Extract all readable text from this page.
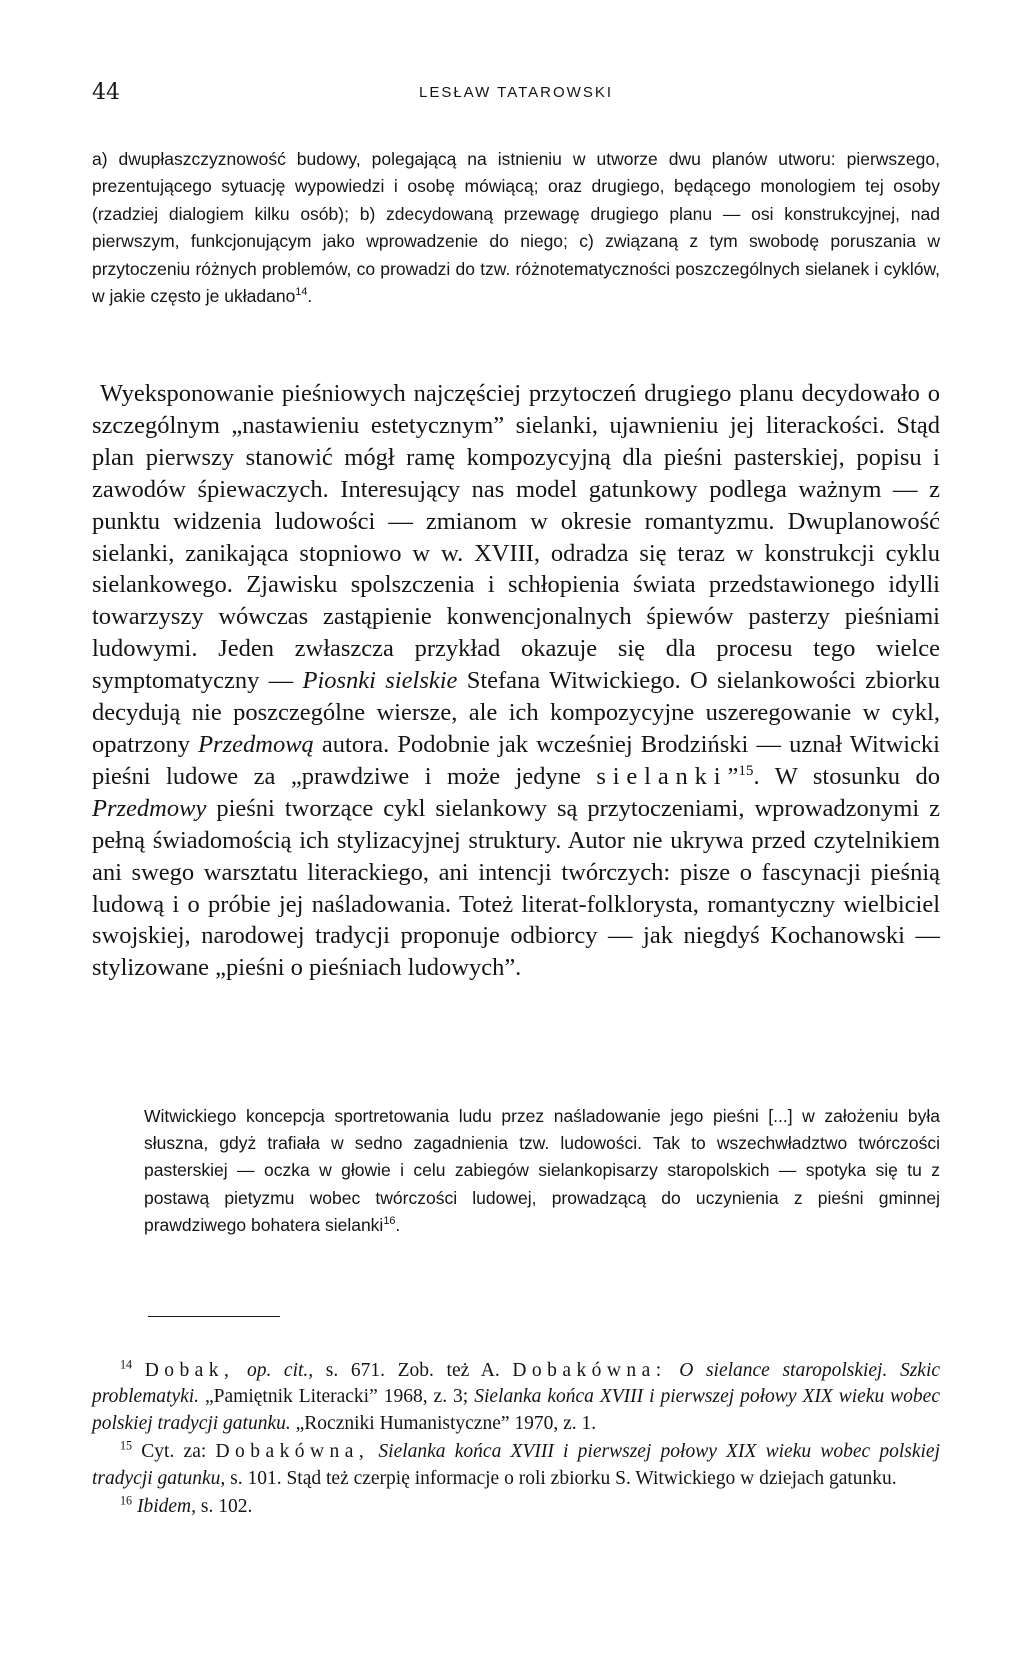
44	LESŁAW TATAROWSKI

a) dwupłaszczyznowość budowy, polegającą na istnieniu w utworze dwu planów utworu: pierwszego, prezentującego sytuację wypowiedzi i osobę mówiącą; oraz drugiego, będącego monologiem tej osoby (rzadziej dialogiem kilku osób); b) zdecydowaną przewagę drugiego planu — osi konstrukcyjnej, nad pierwszym, funkcjonującym jako wprowadzenie do niego; c) związaną z tym swobodę poruszania w przytoczeniu różnych problemów, co prowadzi do tzw. różnotematyczności poszczególnych sielanek i cyklów, w jakie często je układano$^{14}$.

Wyeksponowanie pieśniowych najczęściej przytoczeń drugiego planu decydowało o szczególnym „nastawieniu estetycznym” sielanki, ujawnieniu jej literackości. Stąd plan pierwszy stanowić mógł ramę kompozycyjną dla pieśni pasterskiej, popisu i zawodów śpiewaczych. Interesujący nas model gatunkowy podlega ważnym — z punktu widzenia ludowości — zmianom w okresie romantyzmu. Dwuplanowość sielanki, zanikająca stopniowo w w. XVIII, odradza się teraz w konstrukcji cyklu sielankowego. Zjawisku spolszczenia i schłopienia świata przedstawionego idylli towarzyszy wówczas zastąpienie konwencjonalnych śpiewów pasterzy pieśniami ludowymi. Jeden zwłaszcza przykład okazuje się dla procesu tego wielce symptomatyczny — Piosnki sielskie Stefana Witwickiego. O sielankowości zbiorku decydują nie poszczególne wiersze, ale ich kompozycyjne uszeregowanie w cykl, opatrzony Przedmową autora. Podobnie jak wcześniej Brodziński — uznał Witwicki pieśni ludowe za „prawdziwe i może jedyne sielanki”$^{15}$. W stosunku do Przedmowy pieśni tworzące cykl sielankowy są przytoczeniami, wprowadzonymi z pełną świadomością ich stylizacyjnej struktury. Autor nie ukrywa przed czytelnikiem ani swego warsztatu literackiego, ani intencji twórczych: pisze o fascynacji pieśnią ludową i o próbie jej naśladowania. Toteż literat-folklorysta, romantyczny wielbiciel swojskiej, narodowej tradycji proponuje odbiorcy — jak niegdyś Kochanowski — stylizowane „pieśni o pieśniach ludowych”.

Witwickiego koncepcja sportretowania ludu przez naśladowanie jego pieśni [...] w założeniu była słuszna, gdyż trafiała w sedno zagadnienia tzw. ludowości. Tak to wszechwładztwo twórczości pasterskiej — oczka w głowie i celu zabiegów sielankopisarzy staropolskich — spotyka się tu z postawą pietyzmu wobec twórczości ludowej, prowadzącą do uczynienia z pieśni gminnej prawdziwego bohatera sielanki$^{16}$.

$^{14}$ Dobak, op. cit., s. 671. Zob. też A. Dobakówna: O sielance staropolskiej. Szkic problematyki. „Pamiętnik Literacki” 1968, z. 3; Sielanka końca XVIII i pierwszej połowy XIX wieku wobec polskiej tradycji gatunku. „Roczniki Humanistyczne” 1970, z. 1.

$^{15}$ Cyt. za: Dobakówna, Sielanka końca XVIII i pierwszej połowy XIX wieku wobec polskiej tradycji gatunku, s. 101. Stąd też czerpię informacje o roli zbiorku S. Witwickiego w dziejach gatunku.

$^{16}$ Ibidem, s. 102.
